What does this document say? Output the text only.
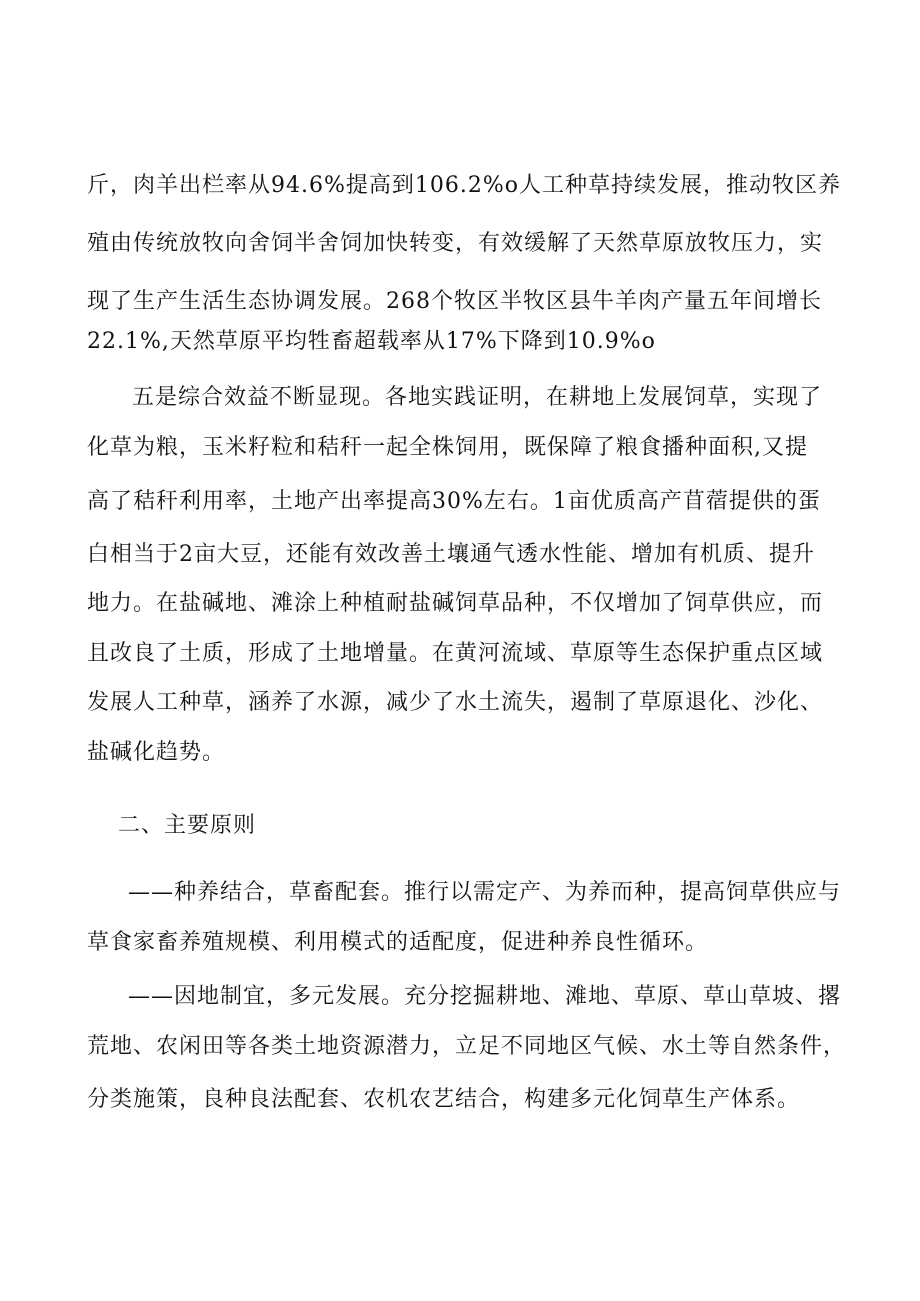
斤，肉羊出栏率从94.6%提高到106.2%o人工种草持续发展，推动牧区养
殖由传统放牧向舍饲半舍饲加快转变，有效缓解了天然草原放牧压力，实
现了生产生活生态协调发展。268个牧区半牧区县牛羊肉产量五年间增长
22.1%,天然草原平均牲畜超载率从17%下降到10.9%o
五是综合效益不断显现。各地实践证明，在耕地上发展饲草，实现了
化草为粮，玉米籽粒和秸秆一起全株饲用，既保障了粮食播种面积,又提
高了秸秆利用率，土地产出率提高30%左右。1亩优质高产苜蓿提供的蛋
白相当于2亩大豆，还能有效改善土壤通气透水性能、增加有机质、提升
地力。在盐碱地、滩涂上种植耐盐碱饲草品种，不仅增加了饲草供应，而
且改良了土质，形成了土地增量。在黄河流域、草原等生态保护重点区域
发展人工种草，涵养了水源，减少了水土流失，遏制了草原退化、沙化、
盐碱化趋势。
二、主要原则
——种养结合，草畜配套。推行以需定产、为养而种，提高饲草供应与
草食家畜养殖规模、利用模式的适配度，促进种养良性循环。
——因地制宜，多元发展。充分挖掘耕地、滩地、草原、草山草坡、撂
荒地、农闲田等各类土地资源潜力，立足不同地区气候、水土等自然条件，
分类施策，良种良法配套、农机农艺结合，构建多元化饲草生产体系。
